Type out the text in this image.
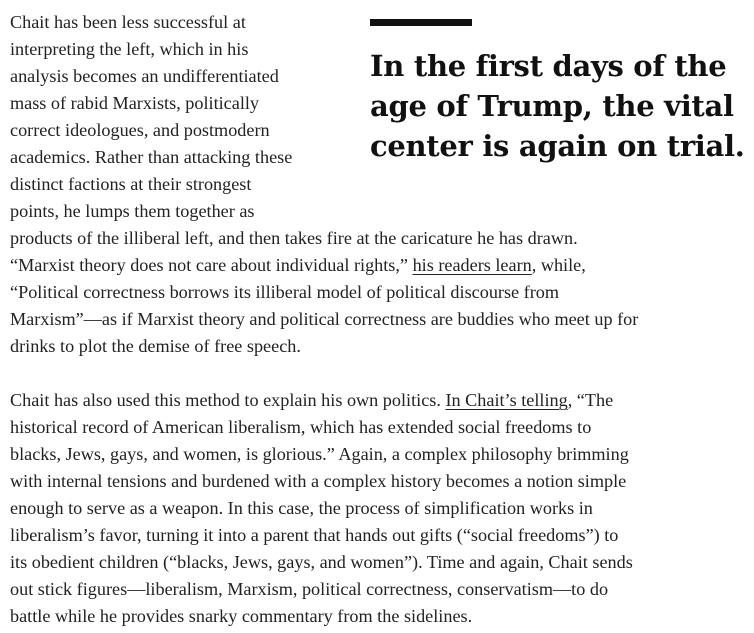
In the first days of the
age of Trump, the vital
center is again on trial.
Chait has been less successful at
interpreting the left, which in his
analysis becomes an undifferentiated
mass of rabid Marxists, politically
correct ideologues, and postmodern
academics. Rather than attacking these
distinct factions at their strongest
points, he lumps them together as
products of the illiberal left, and then takes fire at the caricature he has drawn.
“Marxist theory does not care about individual rights,” his readers learn, while,
“Political correctness borrows its illiberal model of political discourse from
Marxism”—as if Marxist theory and political correctness are buddies who meet up for
drinks to plot the demise of free speech.
Chait has also used this method to explain his own politics. In Chait’s telling, “The
historical record of American liberalism, which has extended social freedoms to
blacks, Jews, gays, and women, is glorious.” Again, a complex philosophy brimming
with internal tensions and burdened with a complex history becomes a notion simple
enough to serve as a weapon. In this case, the process of simplification works in
liberalism’s favor, turning it into a parent that hands out gifts (“social freedoms”) to
its obedient children (“blacks, Jews, gays, and women”). Time and again, Chait sends
out stick figures—liberalism, Marxism, political correctness, conservatism—to do
battle while he provides snarky commentary from the sidelines.
